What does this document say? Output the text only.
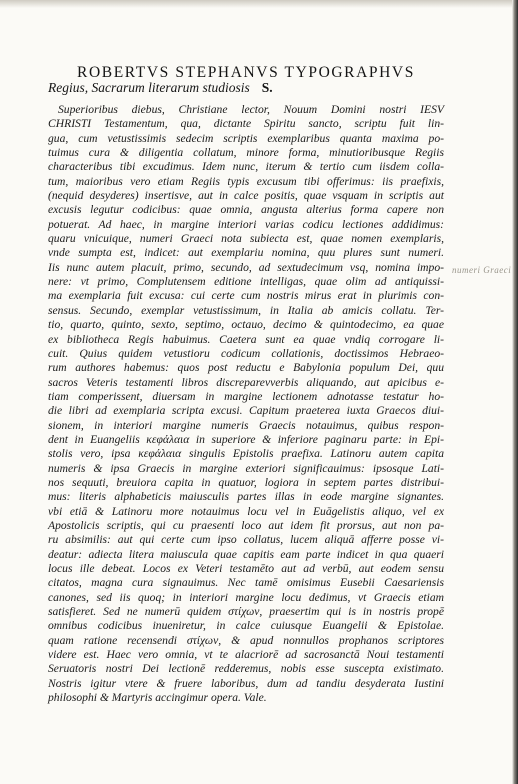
ROBERTVS STEPHANVS TYPOGRAPHVS
Regius, Sacrarum literarum studiosis S.
Superioribus diebus, Christiane lector, Nouum Domini nostri IESV
CHRISTI Testamentum, qua, dictante Spiritu sancto, scriptu fuit lin-
gua, cum vetustissimis sedecim scriptis exemplaribus quanta maxima po-
tuimus cura & diligentia collatum, minore forma, minutioribusque Regiis
characteribus tibi excudimus. Idem nunc, iterum & tertio cum iisdem colla-
tum, maioribus vero etiam Regiis typis excusum tibi offerimus: iis praefixis,
(nequid desyderes) insertisve, aut in calce positis, quae vsquam in scriptis aut
excusis legutur codicibus: quae omnia, angusta alterius forma capere non
potuerat. Ad haec, in margine interiori varias codicu lectiones addidimus:
quaru vnicuique, numeri Graeci nota subiecta est, quae nomen exemplaris,
vnde sumpta est, indicet: aut exemplariu nomina, quu plures sunt numeri.
Iis nunc autem placuit, primo, secundo, ad sextudecimum vsq, nomina impo-
nere: vt primo, Complutensem editione intelligas, quae olim ad antiquissi-
ma exemplaria fuit excusa: cui certe cum nostris mirus erat in plurimis con-
sensus. Secundo, exemplar vetustissimum, in Italia ab amicis collatu. Ter-
tio, quarto, quinto, sexto, septimo, octauo, decimo & quintodecimo, ea quae
ex bibliotheca Regis habuimus. Caetera sunt ea quae vndiq corrogare li-
cuit. Quius quidem vetustioru codicum collationis, doctissimos Hebraeo-
rum authores habemus: quos post reductu e Babylonia populum Dei, quu
sacros Veteris testamenti libros discreparevverbis aliquando, aut apicibus e-
tiam comperissent, diuersam in margine lectionem adnotasse testatur ho-
die libri ad exemplaria scripta excusi. Capitum praeterea iuxta Graecos diui-
sionem, in interiori margine numeris Graecis notauimus, quibus respon-
dent in Euangeliis κεφάλαια in superiore & inferiore paginaru parte: in Epi-
stolis vero, ipsa κεφάλαια singulis Epistolis praefixa. Latinoru autem capita
numeris & ipsa Graecis in margine exteriori significauimus: ipsosque Lati-
nos sequuti, breuiora capita in quatuor, logiora in septem partes distribui-
mus: literis alphabeticis maiusculis partes illas in eode margine signantes.
vbi etiā & Latinoru more notauimus locu vel in Euāgelistis aliquo, vel ex
Apostolicis scriptis, qui cu praesenti loco aut idem fit prorsus, aut non pa-
ru absimilis: aut qui certe cum ipso collatus, lucem aliquā afferre posse vi-
deatur: adiecta litera maiuscula quae capitis eam parte indicet in qua quaeri
locus ille debeat. Locos ex Veteri testamēto aut ad verbū, aut eodem sensu
citatos, magna cura signauimus. Nec tamē omisimus Eusebii Caesariensis
canones, sed iis quoq; in interiori margine locu dedimus, vt Graecis etiam
satisfieret. Sed ne numerū quidem στίχων, praesertim qui is in nostris propē
omnibus codicibus inueniretur, in calce cuiusque Euangelii & Epistolae.
quam ratione recensendi στίχων, & apud nonnullos prophanos scriptores
videre est. Haec vero omnia, vt te alacriorē ad sacrosanctā Noui testamenti
Seruatoris nostri Dei lectionē redderemus, nobis esse suscepta existimato.
Nostris igitur vtere & fruere laboribus, dum ad tandiu desyderata Iustini
philosophi & Martyris accingimur opera. Vale.
numeri Graeci
